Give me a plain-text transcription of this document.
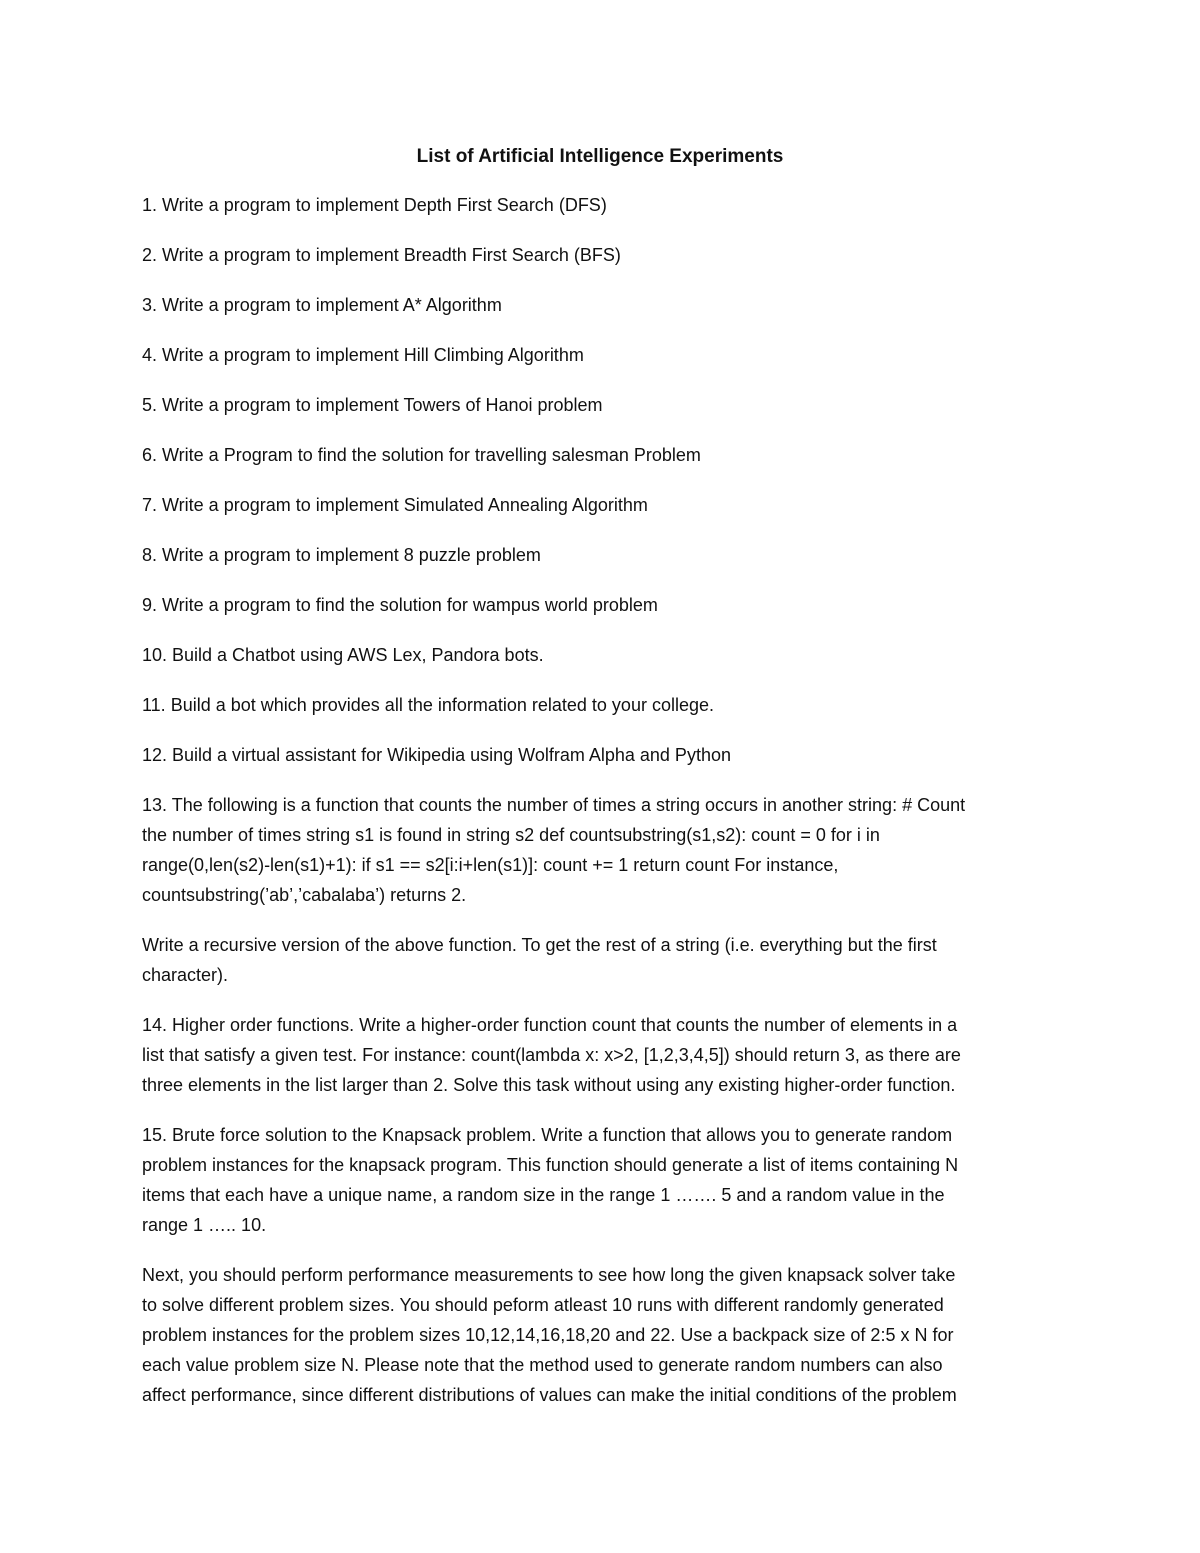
List of Artificial Intelligence Experiments

1. Write a program to implement Depth First Search (DFS)

2. Write a program to implement Breadth First Search (BFS)

3. Write a program to implement A* Algorithm

4. Write a program to implement Hill Climbing Algorithm

5. Write a program to implement Towers of Hanoi problem

6. Write a Program to find the solution for travelling salesman Problem

7. Write a program to implement Simulated Annealing Algorithm

8. Write a program to implement 8 puzzle problem

9. Write a program to find the solution for wampus world problem

10. Build a Chatbot using AWS Lex, Pandora bots.

11. Build a bot which provides all the information related to your college.

12. Build a virtual assistant for Wikipedia using Wolfram Alpha and Python

13. The following is a function that counts the number of times a string occurs in another string: # Count
the number of times string s1 is found in string s2 def countsubstring(s1,s2): count = 0 for i in
range(0,len(s2)-len(s1)+1): if s1 == s2[i:i+len(s1)]: count += 1 return count For instance,
countsubstring(’ab’,’cabalaba’) returns 2.

Write a recursive version of the above function. To get the rest of a string (i.e. everything but the first
character).

14. Higher order functions. Write a higher-order function count that counts the number of elements in a
list that satisfy a given test. For instance: count(lambda x: x>2, [1,2,3,4,5]) should return 3, as there are
three elements in the list larger than 2. Solve this task without using any existing higher-order function.

15. Brute force solution to the Knapsack problem. Write a function that allows you to generate random
problem instances for the knapsack program. This function should generate a list of items containing N
items that each have a unique name, a random size in the range 1 ……. 5 and a random value in the
range 1 ….. 10.

Next, you should perform performance measurements to see how long the given knapsack solver take
to solve different problem sizes. You should peform atleast 10 runs with different randomly generated
problem instances for the problem sizes 10,12,14,16,18,20 and 22. Use a backpack size of 2:5 x N for
each value problem size N. Please note that the method used to generate random numbers can also
affect performance, since different distributions of values can make the initial conditions of the problem
